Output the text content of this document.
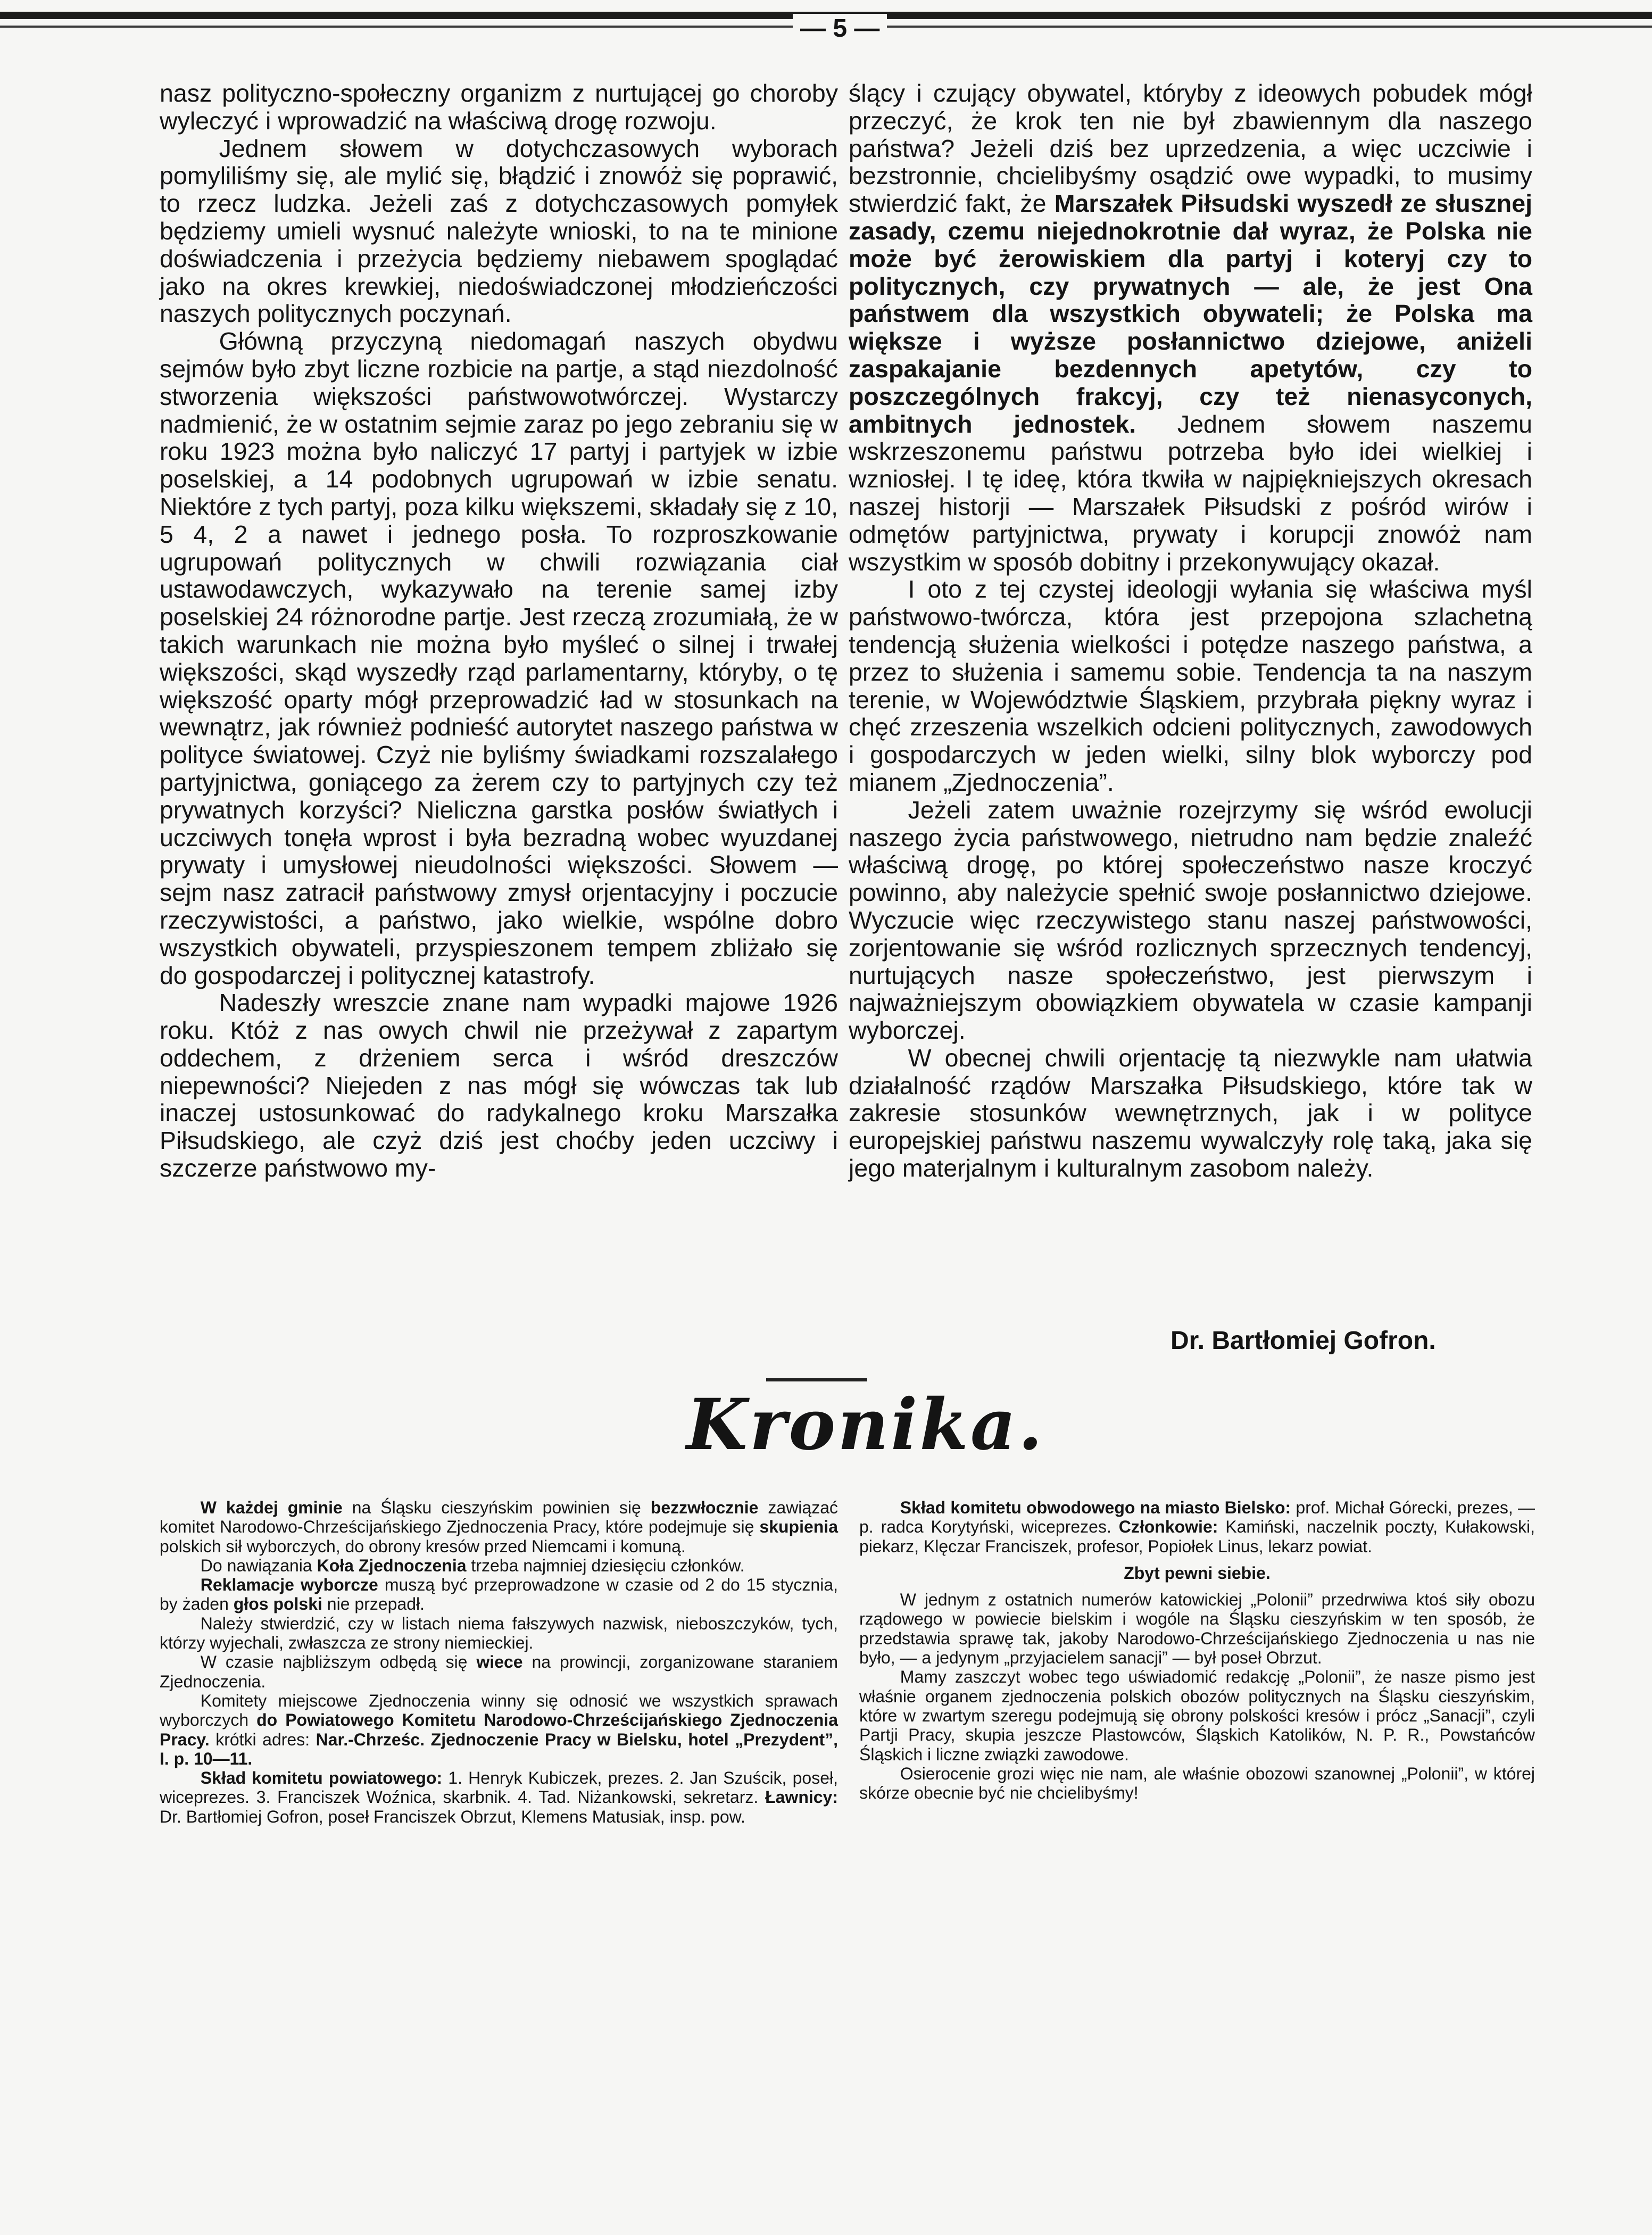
— 5 —

nasz polityczno-społeczny organizm z nurtującej go choroby wyleczyć i wprowadzić na właściwą drogę rozwoju.

Jednem słowem w dotychczasowych wyborach pomyliliśmy się, ale mylić się, błądzić i znowóż się poprawić, to rzecz ludzka. Jeżeli zaś z dotychczasowych pomyłek będziemy umieli wysnuć należyte wnioski, to na te minione doświadczenia i przeżycia będziemy niebawem spoglądać jako na okres krewkiej, niedoświadczonej młodzieńczości naszych politycznych poczynań.

Główną przyczyną niedomagań naszych obydwu sejmów było zbyt liczne rozbicie na partje, a stąd niezdolność stworzenia większości państwowotwórczej. Wystarczy nadmienić, że w ostatnim sejmie zaraz po jego zebraniu się w roku 1923 można było naliczyć 17 partyj i partyjek w izbie poselskiej, a 14 podobnych ugrupowań w izbie senatu. Niektóre z tych partyj, poza kilku większemi, składały się z 10, 5 4, 2 a nawet i jednego posła. To rozproszkowanie ugrupowań politycznych w chwili rozwiązania ciał ustawodawczych, wykazywało na terenie samej izby poselskiej 24 różnorodne partje. Jest rzeczą zrozumiałą, że w takich warunkach nie można było myśleć o silnej i trwałej większości, skąd wyszedły rząd parlamentarny, któryby, o tę większość oparty mógł przeprowadzić ład w stosunkach na wewnątrz, jak również podnieść autorytet naszego państwa w polityce światowej. Czyż nie byliśmy świadkami rozszalałego partyjnictwa, goniącego za żerem czy to partyjnych czy też prywatnych korzyści? Nieliczna garstka posłów światłych i uczciwych tonęła wprost i była bezradną wobec wyuzdanej prywaty i umysłowej nieudolności większości. Słowem — sejm nasz zatracił państwowy zmysł orjentacyjny i poczucie rzeczywistości, a państwo, jako wielkie, wspólne dobro wszystkich obywateli, przyspieszonem tempem zbliżało się do gospodarczej i politycznej katastrofy.

Nadeszły wreszcie znane nam wypadki majowe 1926 roku. Któż z nas owych chwil nie przeżywał z zapartym oddechem, z drżeniem serca i wśród dreszczów niepewności? Niejeden z nas mógł się wówczas tak lub inaczej ustosunkować do radykalnego kroku Marszałka Piłsudskiego, ale czyż dziś jest choćby jeden uczciwy i szczerze państwowo my-

ślący i czujący obywatel, któryby z ideowych pobudek mógł przeczyć, że krok ten nie był zbawiennym dla naszego państwa? Jeżeli dziś bez uprzedzenia, a więc uczciwie i bezstronnie, chcielibyśmy osądzić owe wypadki, to musimy stwierdzić fakt, że Marszałek Piłsudski wyszedł ze słusznej zasady, czemu niejednokrotnie dał wyraz, że Polska nie może być żerowiskiem dla partyj i koteryj czy to politycznych, czy prywatnych — ale, że jest Ona państwem dla wszystkich obywateli; że Polska ma większe i wyższe posłannictwo dziejowe, aniżeli zaspakajanie bezdennych apetytów, czy to poszczególnych frakcyj, czy też nienasyconych, ambitnych jednostek. Jednem słowem naszemu wskrzeszonemu państwu potrzeba było idei wielkiej i wzniosłej. I tę ideę, która tkwiła w najpiękniejszych okresach naszej historji — Marszałek Piłsudski z pośród wirów i odmętów partyjnictwa, prywaty i korupcji znowóż nam wszystkim w sposób dobitny i przekonywujący okazał.

I oto z tej czystej ideologji wyłania się właściwa myśl państwowo-twórcza, która jest przepojona szlachetną tendencją służenia wielkości i potędze naszego państwa, a przez to służenia i samemu sobie. Tendencja ta na naszym terenie, w Województwie Śląskiem, przybrała piękny wyraz i chęć zrzeszenia wszelkich odcieni politycznych, zawodowych i gospodarczych w jeden wielki, silny blok wyborczy pod mianem „Zjednoczenia”.

Jeżeli zatem uważnie rozejrzymy się wśród ewolucji naszego życia państwowego, nietrudno nam będzie znaleźć właściwą drogę, po której społeczeństwo nasze kroczyć powinno, aby należycie spełnić swoje posłannictwo dziejowe. Wyczucie więc rzeczywistego stanu naszej państwowości, zorjentowanie się wśród rozlicznych sprzecznych tendencyj, nurtujących nasze społeczeństwo, jest pierwszym i najważniejszym obowiązkiem obywatela w czasie kampanji wyborczej.

W obecnej chwili orjentację tą niezwykle nam ułatwia działalność rządów Marszałka Piłsudskiego, które tak w zakresie stosunków wewnętrznych, jak i w polityce europejskiej państwu naszemu wywalczyły rolę taką, jaka się jego materjalnym i kulturalnym zasobom należy.

Dr. Bartłomiej Gofron.
Kronika.

W każdej gminie na Śląsku cieszyńskim powinien się bezzwłocznie zawiązać komitet Narodowo-Chrześcijańskiego Zjednoczenia Pracy, które podejmuje się skupienia polskich sił wyborczych, do obrony kresów przed Niemcami i komuną.

Do nawiązania Koła Zjednoczenia trzeba najmniej dziesięciu członków.

Reklamacje wyborcze muszą być przeprowadzone w czasie od 2 do 15 stycznia, by żaden głos polski nie przepadł.

Należy stwierdzić, czy w listach niema fałszywych nazwisk, nieboszczyków, tych, którzy wyjechali, zwłaszcza ze strony niemieckiej.

W czasie najbliższym odbędą się wiece na prowincji, zorganizowane staraniem Zjednoczenia.

Komitety miejscowe Zjednoczenia winny się odnosić we wszystkich sprawach wyborczych do Powiatowego Komitetu Narodowo-Chrześcijańskiego Zjednoczenia Pracy. krótki adres: Nar.-Chrześc. Zjednoczenie Pracy w Bielsku, hotel „Prezydent”, I. p. 10—11.

Skład komitetu powiatowego: 1. Henryk Kubiczek, prezes. 2. Jan Szuścik, poseł, wiceprezes. 3. Franciszek Woźnica, skarbnik. 4. Tad. Niżankowski, sekretarz. Ławnicy: Dr. Bartłomiej Gofron, poseł Franciszek Obrzut, Klemens Matusiak, insp. pow.

Skład komitetu obwodowego na miasto Bielsko: prof. Michał Górecki, prezes, — p. radca Korytyński, wiceprezes. Członkowie: Kamiński, naczelnik poczty, Kułakowski, piekarz, Klęczar Franciszek, profesor, Popiołek Linus, lekarz powiat.

Zbyt pewni siebie.

W jednym z ostatnich numerów katowickiej „Polonii” przedrwiwa ktoś siły obozu rządowego w powiecie bielskim i wogóle na Śląsku cieszyńskim w ten sposób, że przedstawia sprawę tak, jakoby Narodowo-Chrześcijańskiego Zjednoczenia u nas nie było, — a jedynym „przyjacielem sanacji” — był poseł Obrzut.

Mamy zaszczyt wobec tego uświadomić redakcję „Polonii”, że nasze pismo jest właśnie organem zjednoczenia polskich obozów politycznych na Śląsku cieszyńskim, które w zwartym szeregu podejmują się obrony polskości kresów i prócz „Sanacji”, czyli Partji Pracy, skupia jeszcze Plastowców, Śląskich Katolików, N. P. R., Powstańców Śląskich i liczne związki zawodowe.

Osierocenie grozi więc nie nam, ale właśnie obozowi szanownej „Polonii”, w której skórze obecnie być nie chcielibyśmy!
